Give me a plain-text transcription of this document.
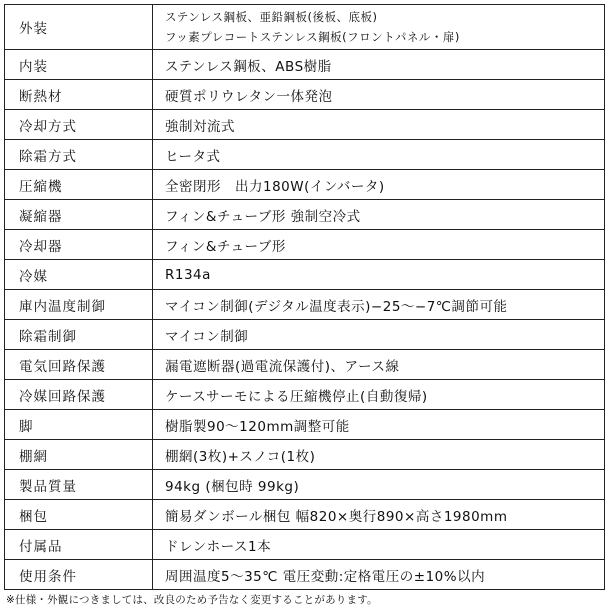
外装	ステンレス鋼板、亜鉛鋼板(後板、底板)
フッ素プレコートステンレス鋼板(フロントパネル・扉)

内装	ステンレス鋼板、ABS樹脂

断熱材	硬質ポリウレタン一体発泡

冷却方式	強制対流式

除霜方式	ヒータ式

圧縮機	全密閉形　出力180W(インバータ)

凝縮器	フィン&チューブ形 強制空冷式

冷却器	フィン&チューブ形

冷媒	R134a

庫内温度制御	マイコン制御(デジタル温度表示)−25〜−7℃調節可能

除霜制御	マイコン制御

電気回路保護	漏電遮断器(過電流保護付)、アース線

冷媒回路保護	ケースサーモによる圧縮機停止(自動復帰)

脚	樹脂製90〜120mm調整可能

棚網	棚網(3枚)+スノコ(1枚)

製品質量	94kg (梱包時 99kg)

梱包	簡易ダンボール梱包 幅820×奥行890×高さ1980mm

付属品	ドレンホース1本

使用条件	周囲温度5〜35℃ 電圧変動:定格電圧の±10%以内
※仕様・外観につきましては、改良のため予告なく変更することがあります。
